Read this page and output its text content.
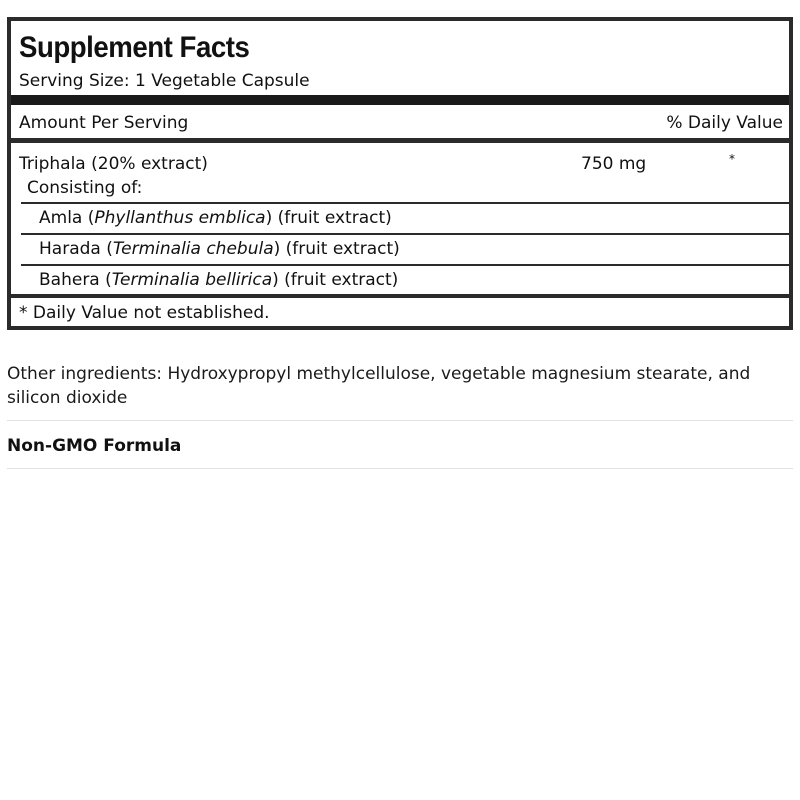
Supplement Facts
Serving Size: 1 Vegetable Capsule
Amount Per Serving	% Daily Value
Triphala (20% extract)	750 mg	*
Consisting of:
Amla (Phyllanthus emblica) (fruit extract)
Harada (Terminalia chebula) (fruit extract)
Bahera (Terminalia bellirica) (fruit extract)
* Daily Value not established.

Other ingredients: Hydroxypropyl methylcellulose, vegetable magnesium stearate, and silicon dioxide

Non-GMO Formula
